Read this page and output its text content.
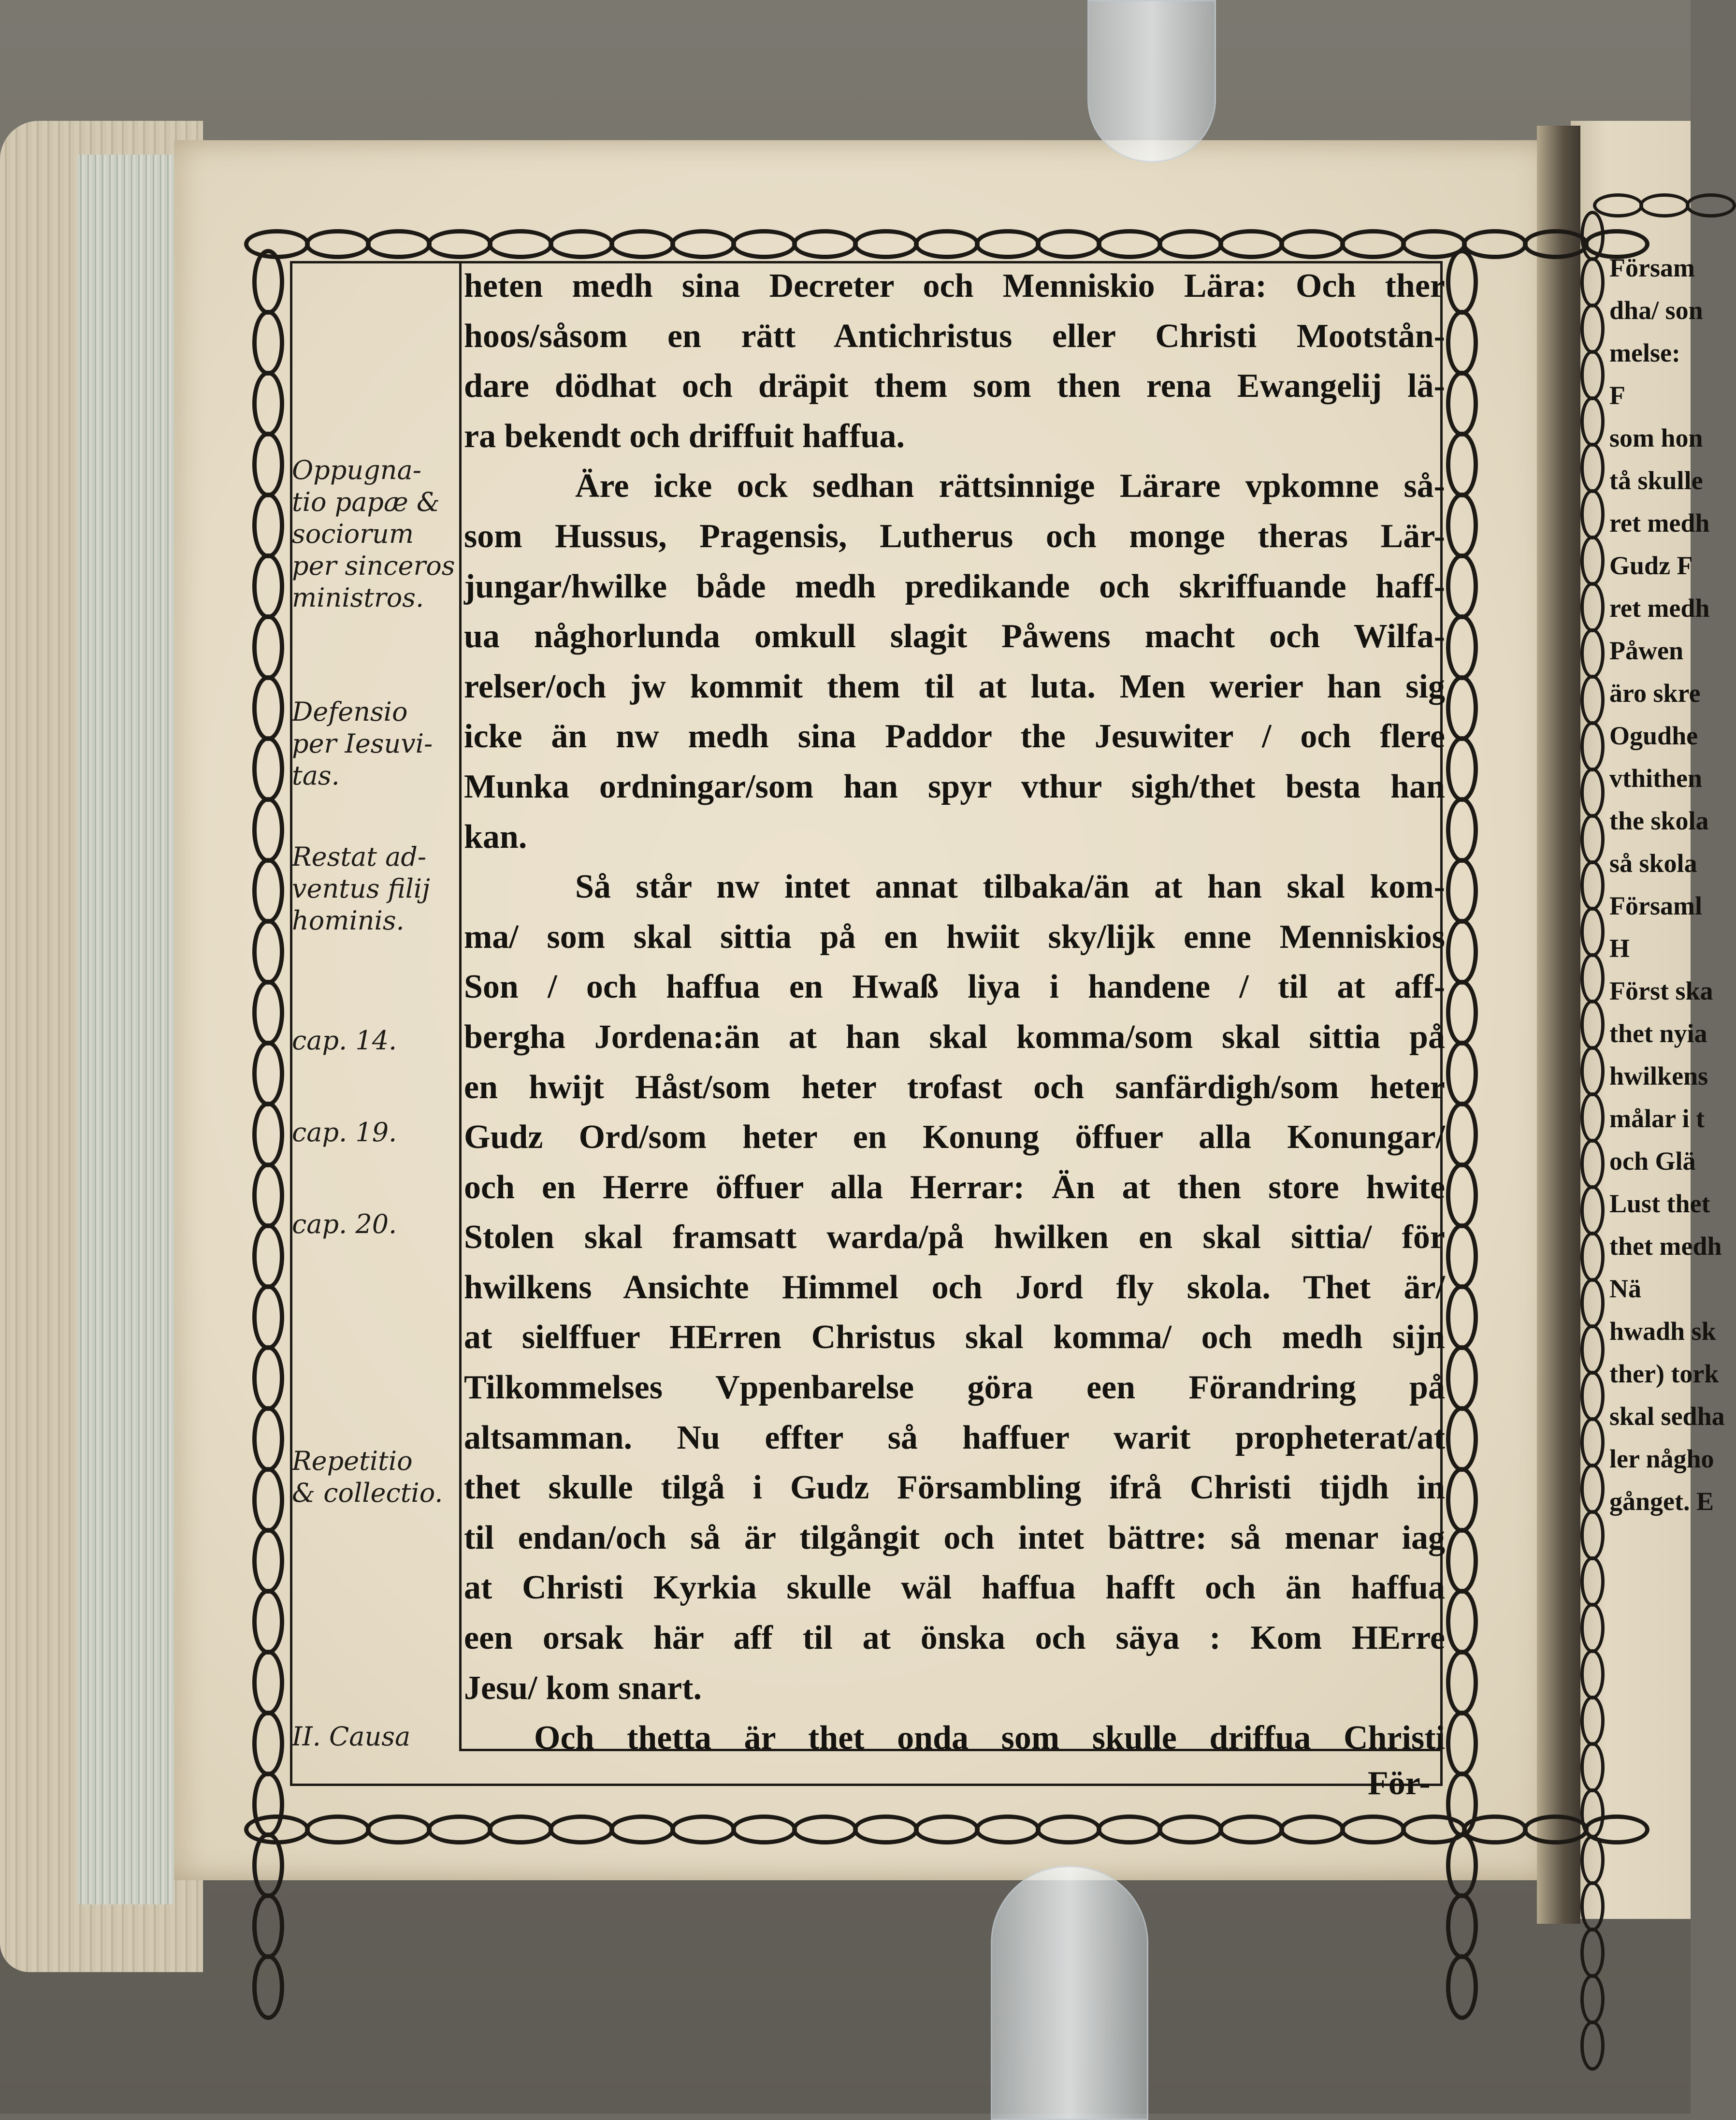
Oppugna-
tio papæ &
sociorum
per sinceros
ministros.
Defensio
per Iesuvi-
tas.
Restat ad-
ventus filij
hominis.
cap. 14.
cap. 19.
cap. 20.
Repetitio
& collectio.
II. Causa
heten medh sina Decreter och Menniskio Lära: Och ther
hoos/såsom en rätt Antichristus eller Christi Mootstån-
dare dödhat och dräpit them som then rena Ewangelij lä-
ra bekendt och driffuit haffua.
Äre icke ock sedhan rättsinnige Lärare vpkomne så-
som Hussus, Pragensis, Lutherus och monge theras Lär-
jungar/hwilke både medh predikande och skriffuande haff-
ua någhorlunda omkull slagit Påwens macht och Wilfa-
relser/och jw kommit them til at luta. Men werier han sig
icke än nw medh sina Paddor the Jesuwiter / och flere
Munka ordningar/som han spyr vthur sigh/thet besta han
kan.
Så står nw intet annat tilbaka/än at han skal kom-
ma/ som skal sittia på en hwiit sky/lijk enne Menniskios
Son / och haffua en Hwaß liya i handene / til at aff-
bergha Jordena:än at han skal komma/som skal sittia på
en hwijt Håst/som heter trofast och sanfärdigh/som heter
Gudz Ord/som heter en Konung öffuer alla Konungar/
och en Herre öffuer alla Herrar: Än at then store hwite
Stolen skal framsatt warda/på hwilken en skal sittia/ för
hwilkens Ansichte Himmel och Jord fly skola. Thet är/
at sielffuer HErren Christus skal komma/ och medh sijn
Tilkommelses Vppenbarelse göra een Förandring på
altsamman. Nu effter så haffuer warit propheterat/at
thet skulle tilgå i Gudz Försambling ifrå Christi tijdh in
til endan/och så är tilgångit och intet bättre: så menar iag
at Christi Kyrkia skulle wäl haffua hafft och än haffua
een orsak här aff til at önska och säya : Kom HErre
Jesu/ kom snart.
Och thetta är thet onda som skulle driffua Christi
För-
Försam
dha/ son
melse:
F
som hon
tå skulle
ret medh
Gudz F
ret medh
Påwen
äro skre
Ogudhe
vthithen
the skola
så skola
Församl
H
Först ska
thet nyia
hwilkens
målar i t
och Glä
Lust thet
thet medh
Nä
hwadh sk
ther) tork
skal sedha
ler någho
gånget. E
